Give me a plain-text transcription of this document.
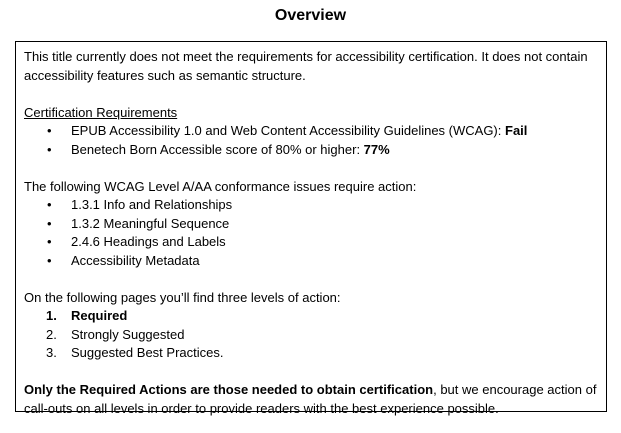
Overview

This title currently does not meet the requirements for accessibility certification. It does not contain accessibility features such as semantic structure.

Certification Requirements

• EPUB Accessibility 1.0 and Web Content Accessibility Guidelines (WCAG): Fail
• Benetech Born Accessible score of 80% or higher: 77%

The following WCAG Level A/AA conformance issues require action:

• 1.3.1 Info and Relationships
• 1.3.2 Meaningful Sequence
• 2.4.6 Headings and Labels
• Accessibility Metadata

On the following pages you’ll find three levels of action:

1. Required
2. Strongly Suggested
3. Suggested Best Practices.

Only the Required Actions are those needed to obtain certification, but we encourage action of call-outs on all levels in order to provide readers with the best experience possible.
